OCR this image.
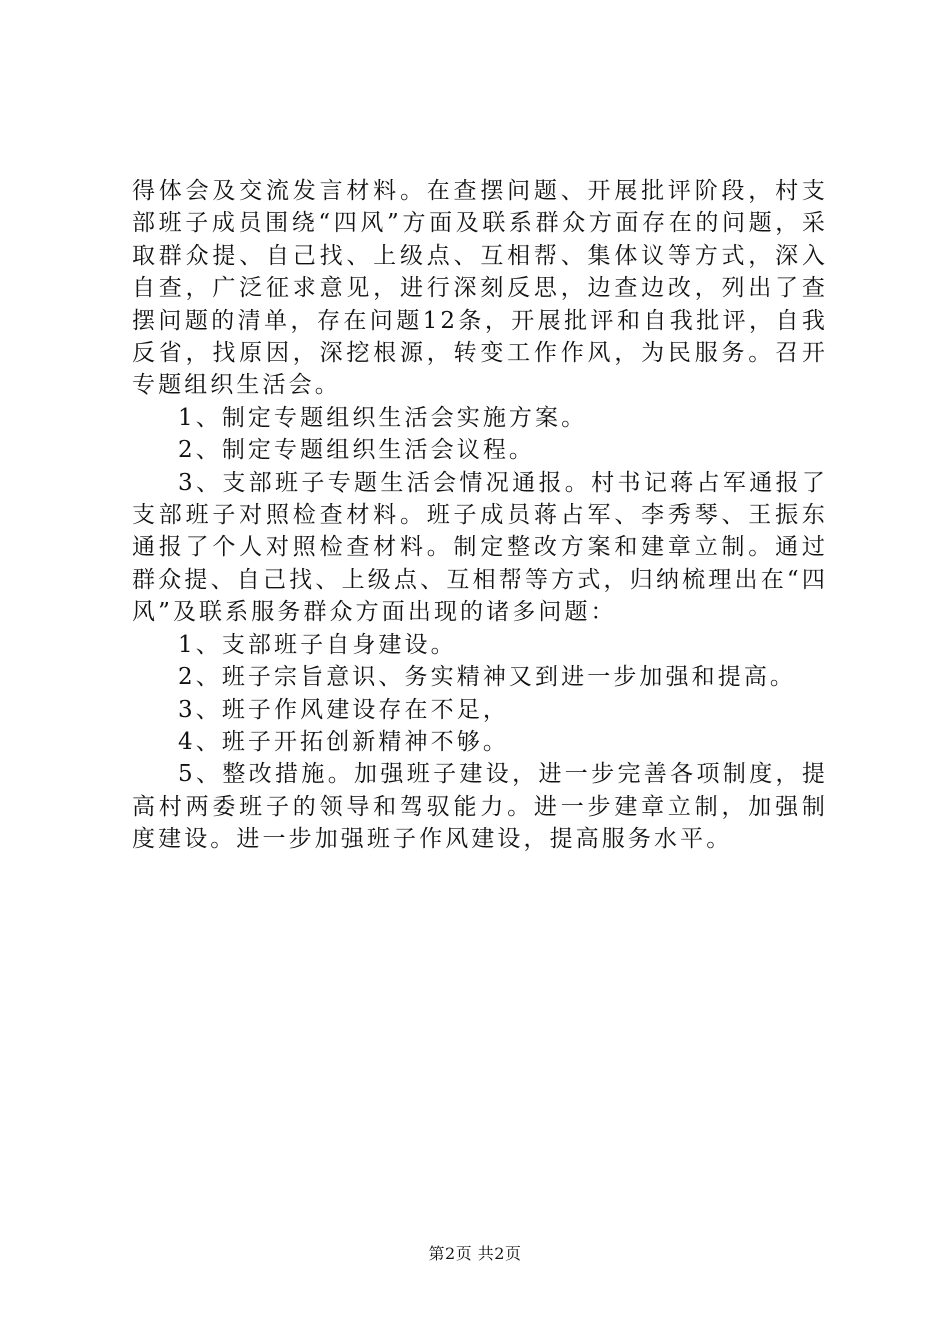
得体会及交流发言材料。在查摆问题、开展批评阶段，村支部班子成员围绕“四风”方面及联系群众方面存在的问题，采取群众提、自己找、上级点、互相帮、集体议等方式，深入自查，广泛征求意见，进行深刻反思，边查边改，列出了查摆问题的清单，存在问题12条，开展批评和自我批评，自我反省，找原因，深挖根源，转变工作作风，为民服务。召开专题组织生活会。

1、制定专题组织生活会实施方案。

2、制定专题组织生活会议程。

3、支部班子专题生活会情况通报。村书记蒋占军通报了支部班子对照检查材料。班子成员蒋占军、李秀琴、王振东通报了个人对照检查材料。制定整改方案和建章立制。通过群众提、自己找、上级点、互相帮等方式，归纳梳理出在“四风”及联系服务群众方面出现的诸多问题：

1、支部班子自身建设。

2、班子宗旨意识、务实精神又到进一步加强和提高。

3、班子作风建设存在不足，

4、班子开拓创新精神不够。

5、整改措施。加强班子建设，进一步完善各项制度，提高村两委班子的领导和驾驭能力。进一步建章立制，加强制度建设。进一步加强班子作风建设，提高服务水平。

第2页 共2页
